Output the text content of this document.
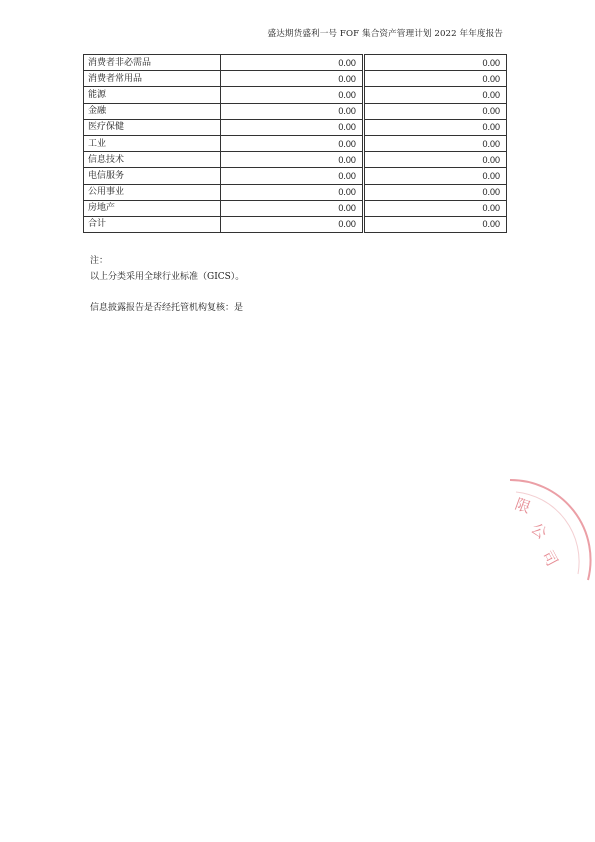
盛达期货盛利一号 FOF 集合资产管理计划 2022 年年度报告
消费者非必需品	0.00	0.00
消费者常用品	0.00	0.00
能源	0.00	0.00
金融	0.00	0.00
医疗保健	0.00	0.00
工业	0.00	0.00
信息技术	0.00	0.00
电信服务	0.00	0.00
公用事业	0.00	0.00
房地产	0.00	0.00
合计	0.00	0.00
注：
以上分类采用全球行业标准（GICS）。
信息披露报告是否经托管机构复核：是
限
公
司
